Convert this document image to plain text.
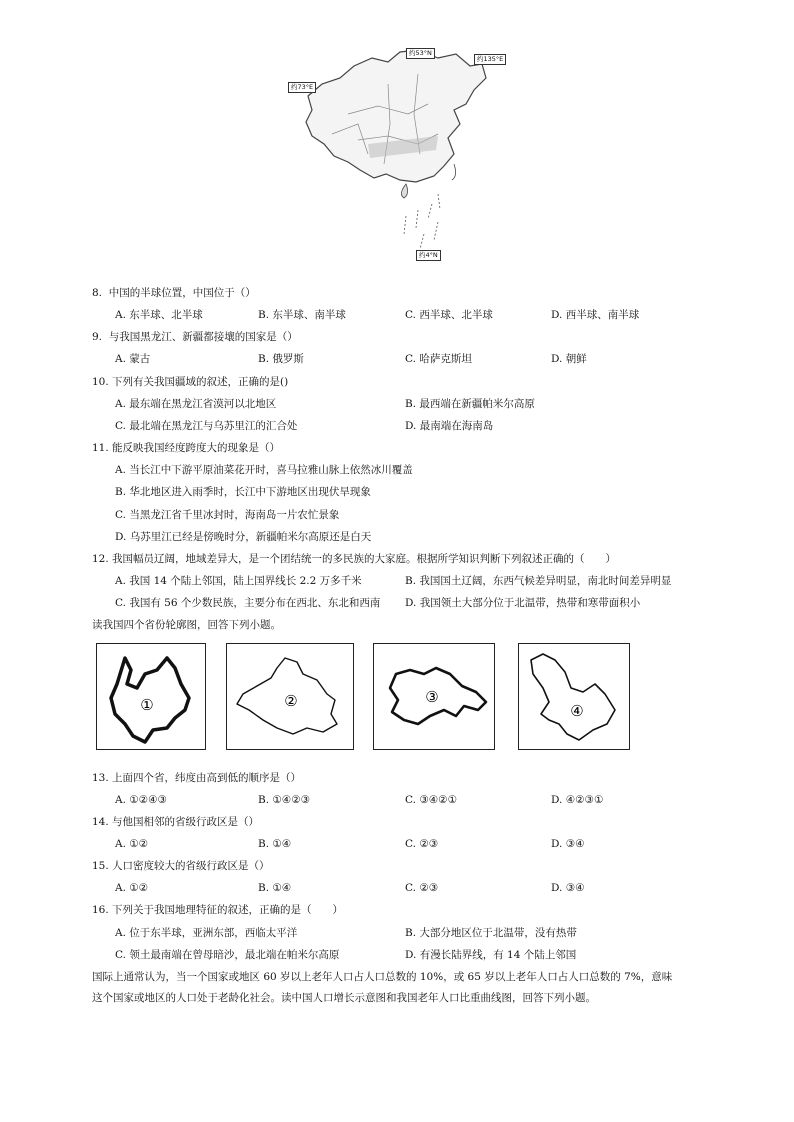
约53°N
约135°E
约73°E
约4°N
8. 中国的半球位置，中国位于（）
A. 东半球、北半球	B. 东半球、南半球	C. 西半球、北半球	D. 西半球、南半球
9. 与我国黑龙江、新疆都接壤的国家是（）
A. 蒙古	B. 俄罗斯	C. 哈萨克斯坦	D. 朝鲜
10. 下列有关我国疆域的叙述，正确的是()
A. 最东端在黑龙江省漠河以北地区	B. 最西端在新疆帕米尔高原
C. 最北端在黑龙江与乌苏里江的汇合处	D. 最南端在海南岛
11. 能反映我国经度跨度大的现象是（）
A. 当长江中下游平原油菜花开时，喜马拉雅山脉上依然冰川覆盖
B. 华北地区进入雨季时，长江中下游地区出现伏旱现象
C. 当黑龙江省千里冰封时，海南岛一片农忙景象
D. 乌苏里江已经是傍晚时分，新疆帕米尔高原还是白天
12. 我国幅员辽阔，地域差异大，是一个团结统一的多民族的大家庭。根据所学知识判断下列叙述正确的（　　）
A. 我国 14 个陆上邻国，陆上国界线长 2.2 万多千米	B. 我国国土辽阔，东西气候差异明显，南北时间差异明显
C. 我国有 56 个少数民族，主要分布在西北、东北和西南 D. 我国领土大部分位于北温带，热带和寒带面积小
读我国四个省份轮廓图，回答下列小题。
①	②	③
④
13. 上面四个省，纬度由高到低的顺序是（）
A. ①②④③	B. ①④②③	C. ③④②①	D. ④②③①
14. 与他国相邻的省级行政区是（）
A. ①②	B. ①④	C. ②③	D. ③④
15. 人口密度较大的省级行政区是（）
A. ①②	B. ①④	C. ②③	D. ③④
16. 下列关于我国地理特征的叙述，正确的是（　　）
A. 位于东半球，亚洲东部，西临太平洋	B. 大部分地区位于北温带，没有热带
C. 领土最南端在曾母暗沙，最北端在帕米尔高原	D. 有漫长陆界线，有 14 个陆上邻国
国际上通常认为，当一个国家或地区 60 岁以上老年人口占人口总数的 10%，或 65 岁以上老年人口占人口总数的 7%，意味
这个国家或地区的人口处于老龄化社会。读中国人口增长示意图和我国老年人口比重曲线图，回答下列小题。
